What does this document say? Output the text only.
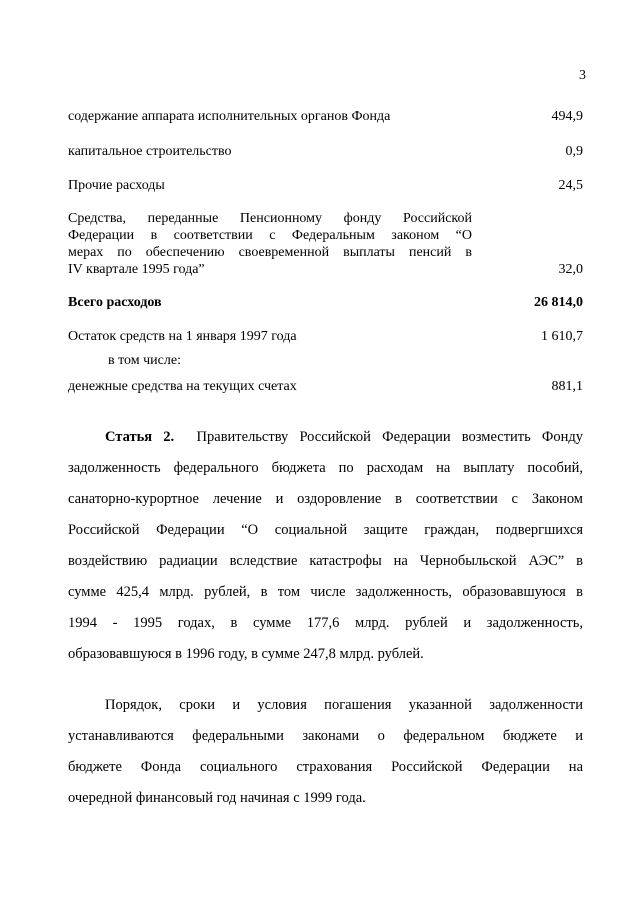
3
содержание аппарата исполнительных органов Фонда	494,9
капитальное строительство	0,9
Прочие расходы	24,5
Средства, переданные Пенсионному фонду Российской
Федерации в соответствии с Федеральным законом “О
мерах по обеспечению своевременной выплаты пенсий в
IV квартале 1995 года”	32,0
Всего расходов	26 814,0
Остаток средств на 1 января 1997 года	1 610,7
в том числе:
денежные средства на текущих счетах	881,1
Статья 2. Правительству Российской Федерации возместить Фонду
задолженность федерального бюджета по расходам на выплату пособий,
санаторно-курортное лечение и оздоровление в соответствии с Законом
Российской Федерации “О социальной защите граждан, подвергшихся
воздействию радиации вследствие катастрофы на Чернобыльской АЭС” в
сумме 425,4 млрд. рублей, в том числе задолженность, образовавшуюся в
1994 - 1995 годах, в сумме 177,6 млрд. рублей и задолженность,
образовавшуюся в 1996 году, в сумме 247,8 млрд. рублей.
Порядок, сроки и условия погашения указанной задолженности
устанавливаются федеральными законами о федеральном бюджете и
бюджете Фонда социального страхования Российской Федерации на
очередной финансовый год начиная с 1999 года.
